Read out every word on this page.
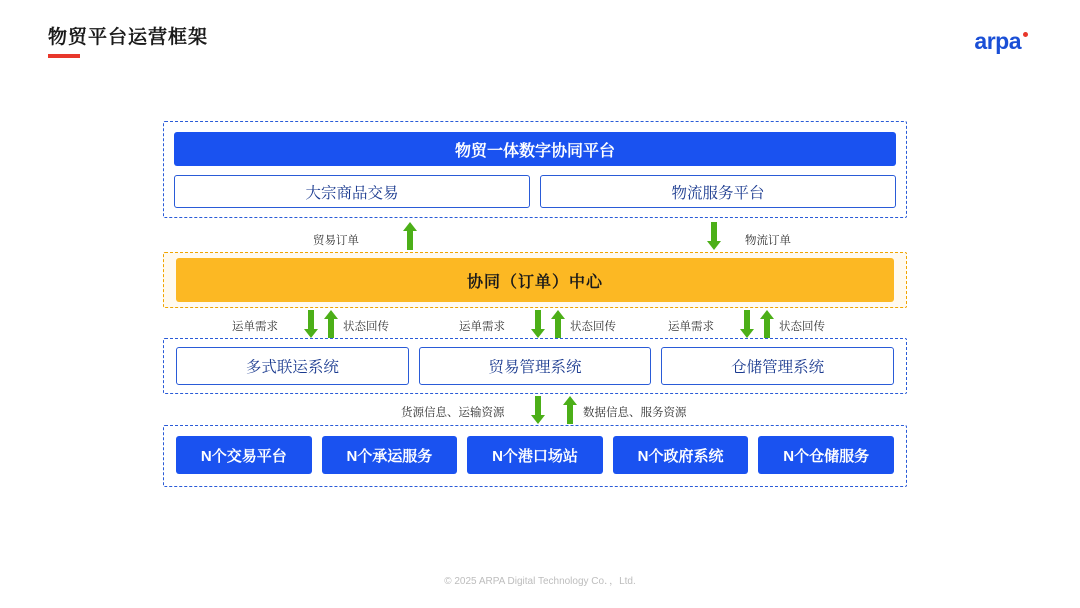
物贸平台运营框架	arpa
物贸一体数字协同平台
大宗商品交易	物流服务平台
贸易订单	物流订单
协同（订单）中心
运单需求	状态回传	运单需求	状态回传	运单需求	状态回传
多式联运系统	贸易管理系统	仓储管理系统
货源信息、运输资源	数据信息、服务资源
N个交易平台	N个承运服务	N个港口场站	N个政府系统	N个仓储服务
© 2025 ARPA Digital Technology Co．，Ltd.
